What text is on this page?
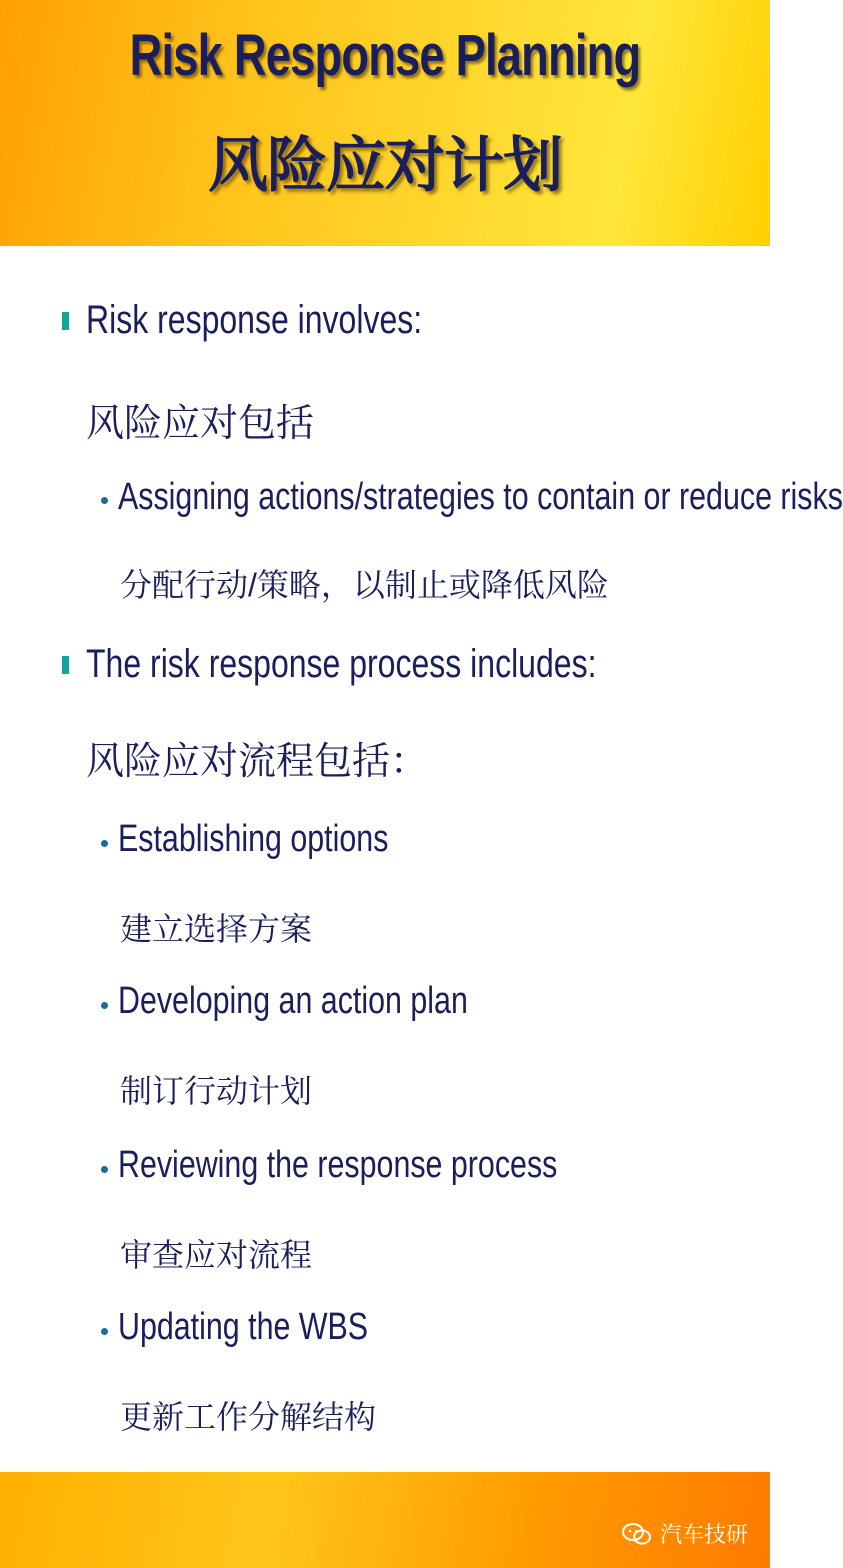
Risk Response Planning
风险应对计划
Risk response involves:
风险应对包括
Assigning actions/strategies to contain or reduce risks
分配行动/策略，以制止或降低风险
The risk response process includes:
风险应对流程包括：
Establishing options
建立选择方案
Developing an action plan
制订行动计划
Reviewing the response process
审查应对流程
Updating the WBS
更新工作分解结构
汽车技研
